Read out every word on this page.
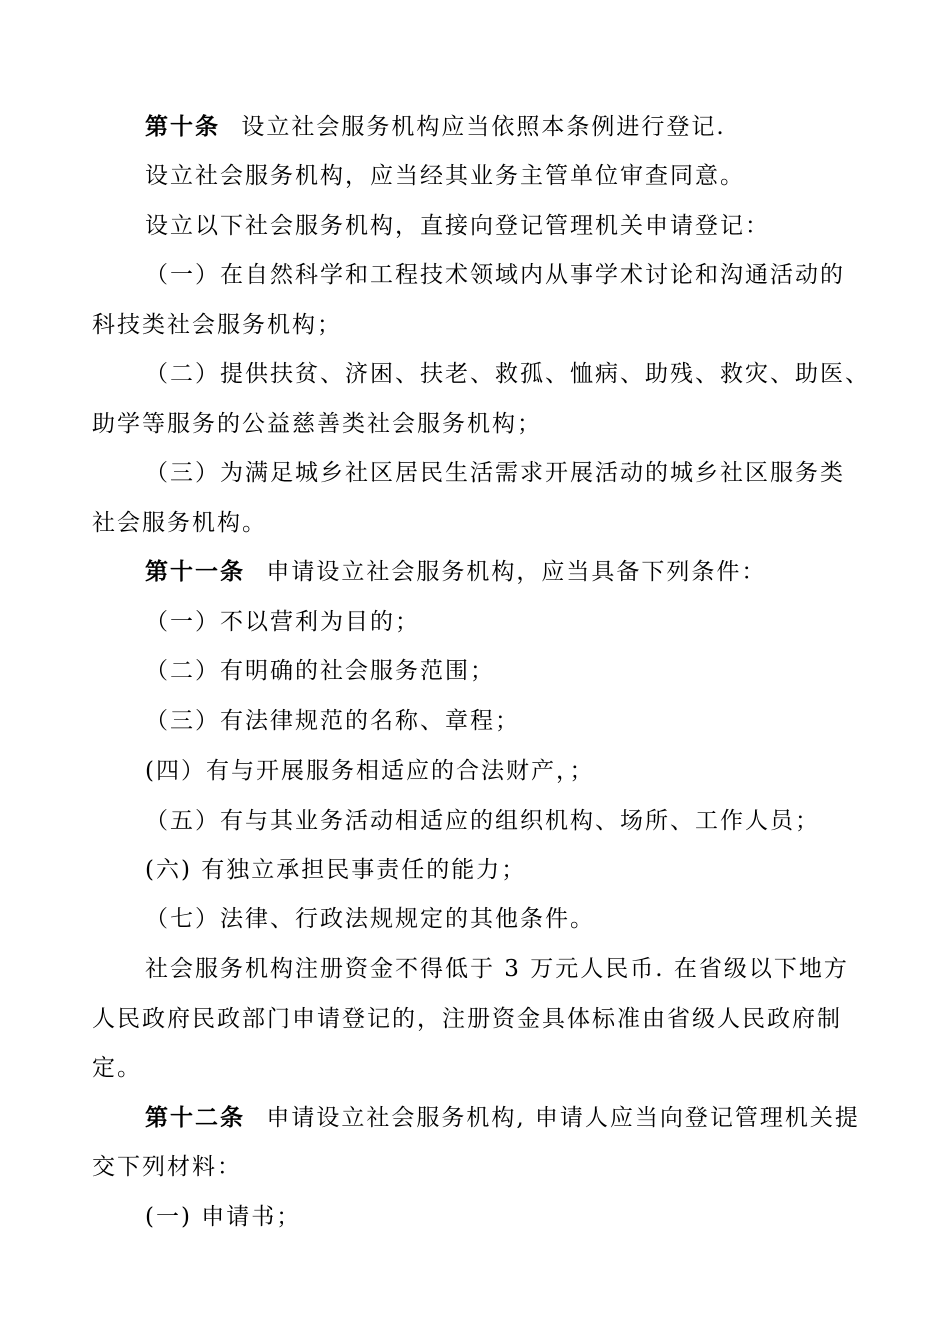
第十条 设立社会服务机构应当依照本条例进行登记.
设立社会服务机构，应当经其业务主管单位审查同意。
设立以下社会服务机构，直接向登记管理机关申请登记：
（一）在自然科学和工程技术领域内从事学术讨论和沟通活动的
科技类社会服务机构；
（二）提供扶贫、济困、扶老、救孤、恤病、助残、救灾、助医、
助学等服务的公益慈善类社会服务机构；
（三）为满足城乡社区居民生活需求开展活动的城乡社区服务类
社会服务机构。
第十一条 申请设立社会服务机构，应当具备下列条件：
（一）不以营利为目的；
（二）有明确的社会服务范围；
（三）有法律规范的名称、章程；
(四）有与开展服务相适应的合法财产，；
（五）有与其业务活动相适应的组织机构、场所、工作人员；
(六) 有独立承担民事责任的能力；
（七）法律、行政法规规定的其他条件。
社会服务机构注册资金不得低于 3 万元人民币. 在省级以下地方
人民政府民政部门申请登记的，注册资金具体标准由省级人民政府制
定。
第十二条 申请设立社会服务机构, 申请人应当向登记管理机关提
交下列材料：
(一) 申请书；
